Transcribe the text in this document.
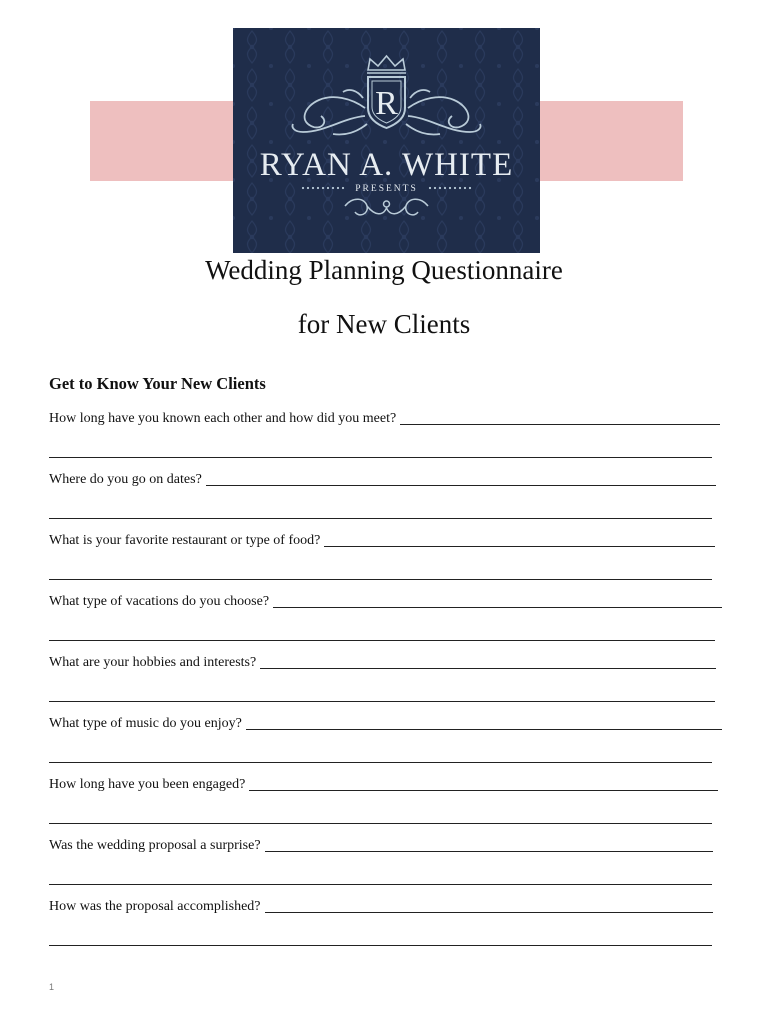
R
RYAN A. WHITE
PRESENTS
Wedding Planning Questionnaire
for New Clients
Get to Know Your New Clients
How long have you known each other and how did you meet?
Where do you go on dates?
What is your favorite restaurant or type of food?
What type of vacations do you choose?
What are your hobbies and interests?
What type of music do you enjoy?
How long have you been engaged?
Was the wedding proposal a surprise?
How was the proposal accomplished?
1
